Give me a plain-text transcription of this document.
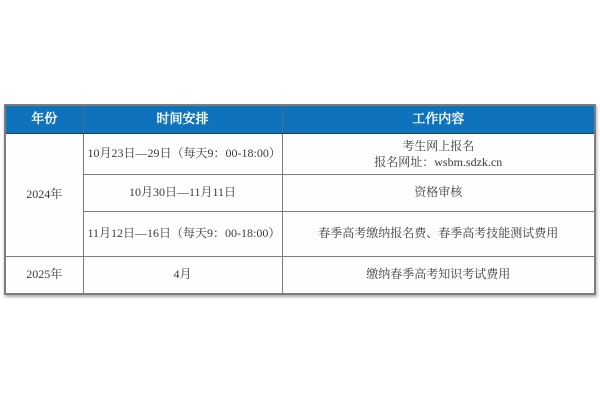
年份	时间安排	工作内容
2024年	10月23日—29日（每天9：00-18:00）	考生网上报名
报名网址：wsbm.sdzk.cn

	10月30日—11月11日	资格审核
	11月12日—16日（每天9：00-18:00）	春季高考缴纳报名费、春季高考技能测试费用
2025年	4月	缴纳春季高考知识考试费用
